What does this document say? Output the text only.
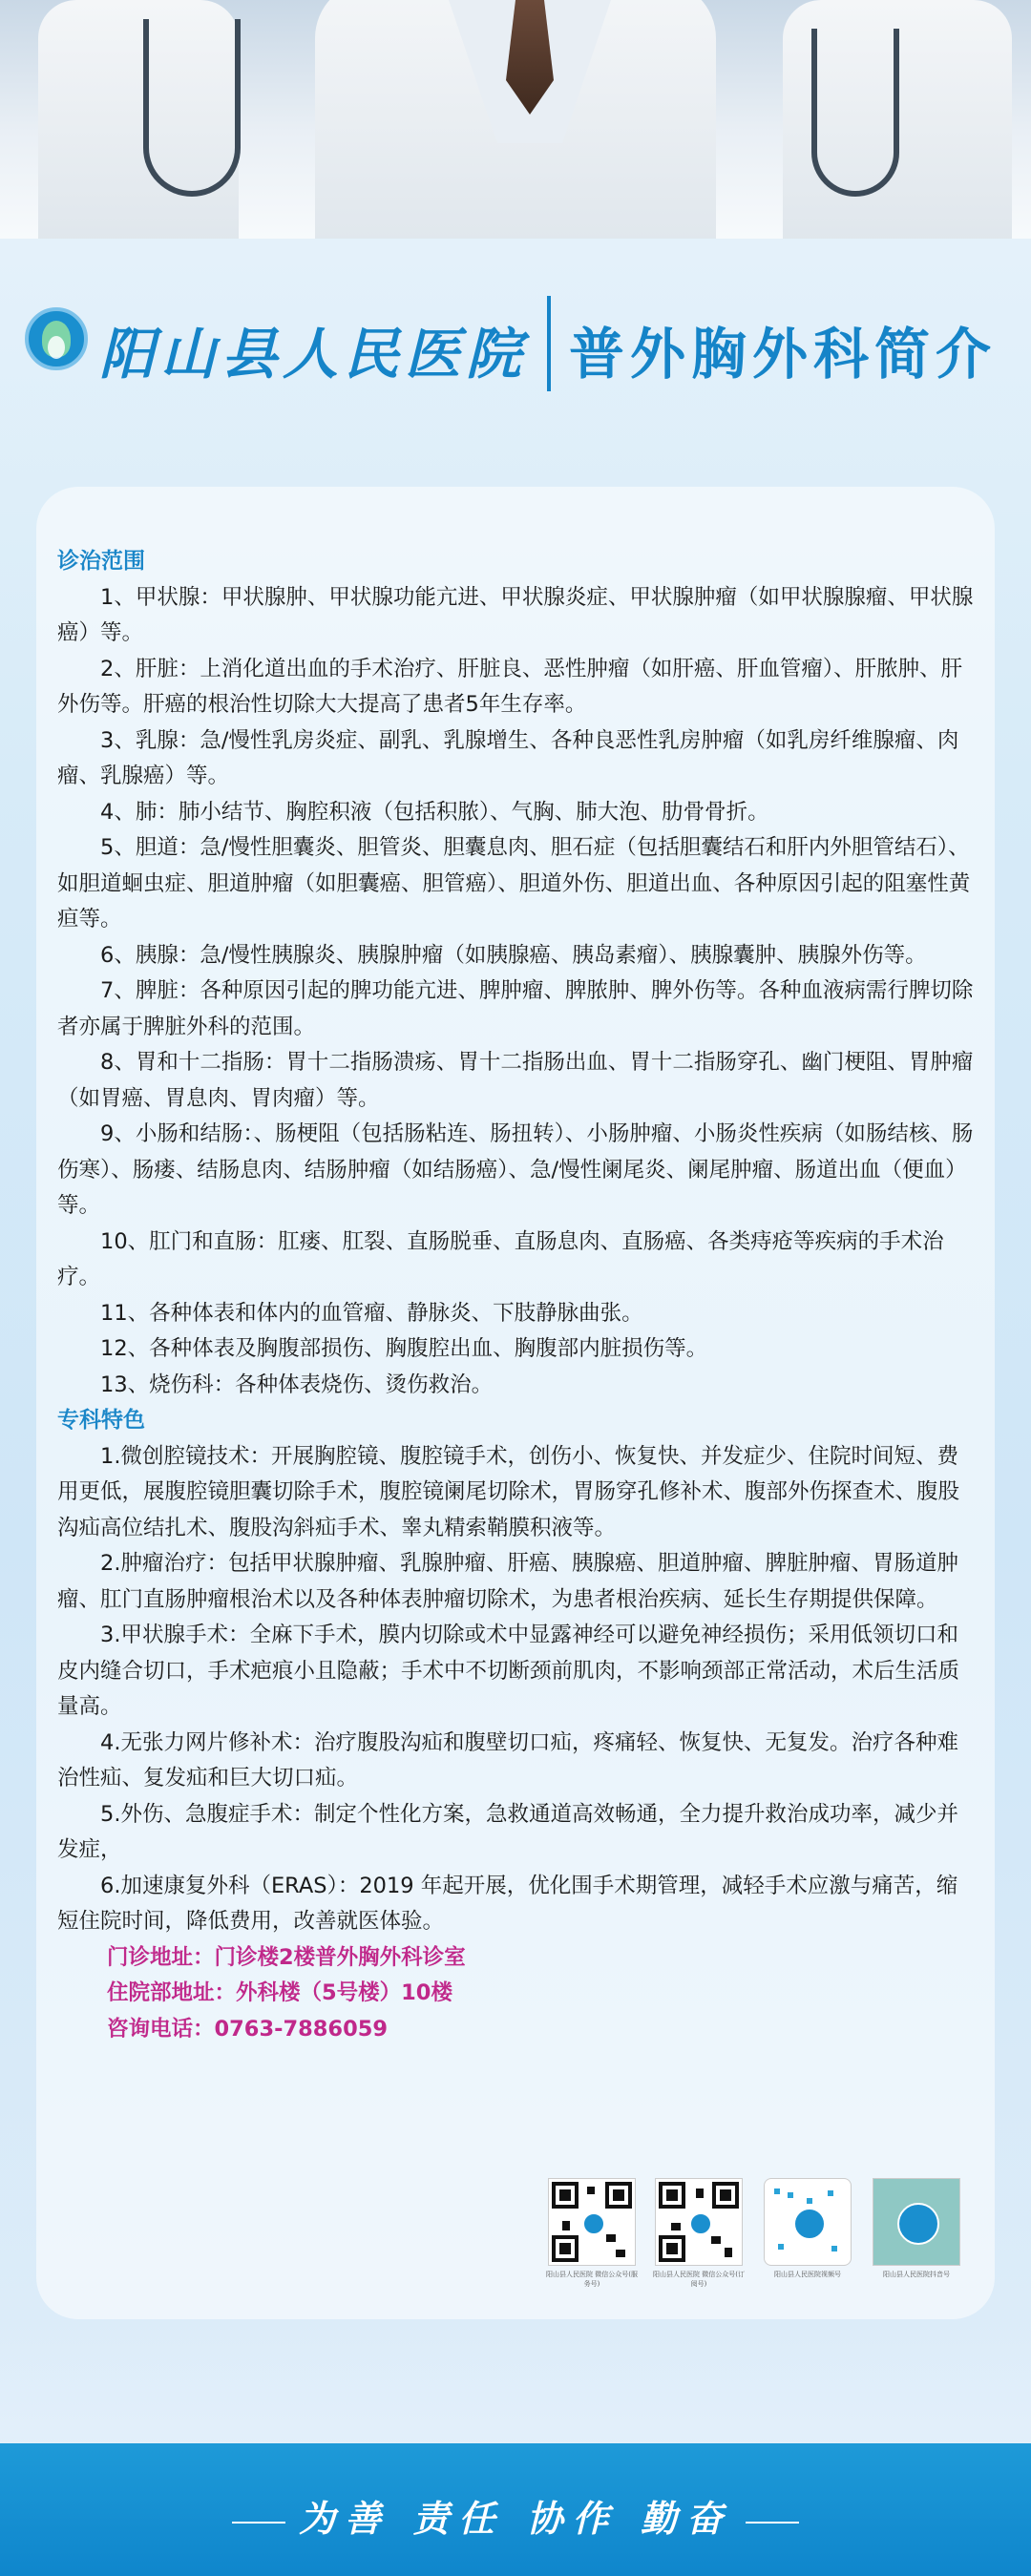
阳山县人民医院 普外胸外科简介
诊治范围

1、甲状腺：甲状腺肿、甲状腺功能亢进、甲状腺炎症、甲状腺肿瘤（如甲状腺腺瘤、甲状腺癌）等。

2、肝脏：上消化道出血的手术治疗、肝脏良、恶性肿瘤（如肝癌、肝血管瘤）、肝脓肿、肝外伤等。肝癌的根治性切除大大提高了患者5年生存率。

3、乳腺：急/慢性乳房炎症、副乳、乳腺增生、各种良恶性乳房肿瘤（如乳房纤维腺瘤、肉瘤、乳腺癌）等。

4、肺：肺小结节、胸腔积液（包括积脓）、气胸、肺大泡、肋骨骨折。

5、胆道：急/慢性胆囊炎、胆管炎、胆囊息肉、胆石症（包括胆囊结石和肝内外胆管结石）、如胆道蛔虫症、胆道肿瘤（如胆囊癌、胆管癌）、胆道外伤、胆道出血、各种原因引起的阻塞性黄疸等。

6、胰腺：急/慢性胰腺炎、胰腺肿瘤（如胰腺癌、胰岛素瘤）、胰腺囊肿、胰腺外伤等。

7、脾脏：各种原因引起的脾功能亢进、脾肿瘤、脾脓肿、脾外伤等。各种血液病需行脾切除者亦属于脾脏外科的范围。

8、胃和十二指肠：胃十二指肠溃疡、胃十二指肠出血、胃十二指肠穿孔、幽门梗阻、胃肿瘤（如胃癌、胃息肉、胃肉瘤）等。

9、小肠和结肠：、肠梗阻（包括肠粘连、肠扭转）、小肠肿瘤、小肠炎性疾病（如肠结核、肠伤寒）、肠瘘、结肠息肉、结肠肿瘤（如结肠癌）、急/慢性阑尾炎、阑尾肿瘤、肠道出血（便血）等。

10、肛门和直肠：肛瘘、肛裂、直肠脱垂、直肠息肉、直肠癌、各类痔疮等疾病的手术治疗。

11、各种体表和体内的血管瘤、静脉炎、下肢静脉曲张。

12、各种体表及胸腹部损伤、胸腹腔出血、胸腹部内脏损伤等。

13、烧伤科：各种体表烧伤、烫伤救治。

专科特色

1.微创腔镜技术：开展胸腔镜、腹腔镜手术，创伤小、恢复快、并发症少、住院时间短、费用更低，展腹腔镜胆囊切除手术，腹腔镜阑尾切除术，胃肠穿孔修补术、腹部外伤探查术、腹股沟疝高位结扎术、腹股沟斜疝手术、睾丸精索鞘膜积液等。

2.肿瘤治疗：包括甲状腺肿瘤、乳腺肿瘤、肝癌、胰腺癌、胆道肿瘤、脾脏肿瘤、胃肠道肿瘤、肛门直肠肿瘤根治术以及各种体表肿瘤切除术，为患者根治疾病、延长生存期提供保障。

3.甲状腺手术：全麻下手术，膜内切除或术中显露神经可以避免神经损伤；采用低领切口和皮内缝合切口，手术疤痕小且隐蔽；手术中不切断颈前肌肉，不影响颈部正常活动，术后生活质量高。

4.无张力网片修补术：治疗腹股沟疝和腹壁切口疝，疼痛轻、恢复快、无复发。治疗各种难治性疝、复发疝和巨大切口疝。

5.外伤、急腹症手术：制定个性化方案，急救通道高效畅通，全力提升救治成功率，减少并发症，

6.加速康复外科（ERAS）：2019 年起开展，优化围手术期管理，减轻手术应激与痛苦，缩短住院时间，降低费用，改善就医体验。

门诊地址：门诊楼2楼普外胸外科诊室

住院部地址：外科楼（5号楼）10楼

咨询电话：0763-7886059

阳山县人民医院 微信公众号(服务号)
阳山县人民医院 微信公众号(订阅号)
阳山县人民医院视频号	阳山县人民医院抖音号
为善 责任 协作 勤奋
